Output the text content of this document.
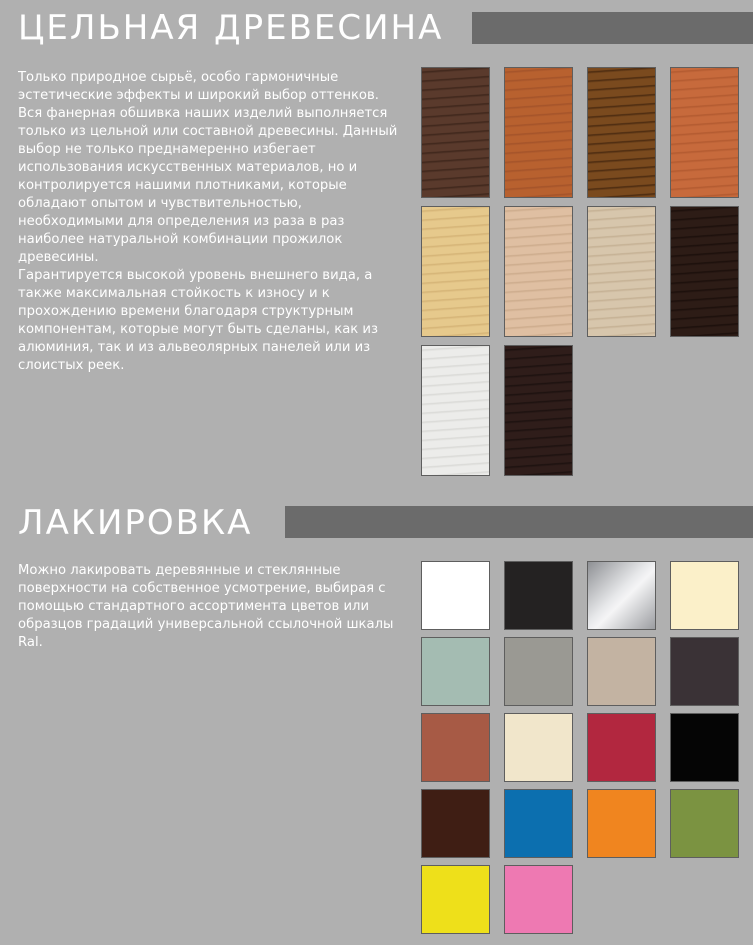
ЦЕЛЬНАЯ ДРЕВЕСИНА
Только природное сырьё, особо гармоничные эстетические эффекты и широкий выбор оттенков.
Вся фанерная обшивка наших изделий выполняется только из цельной или составной древесины. Данный выбор не только преднамеренно избегает использования искусственных материалов, но и контролируется нашими плотниками, которые обладают опытом и чувствительностью, необходимыми для определения из раза в раз наиболее натуральной комбинации прожилок древесины.
Гарантируется высокой уровень внешнего вида, а также максимальная стойкость к износу и к прохождению времени благодаря структурным компонентам, которые могут быть сделаны, как из алюминия, так и из альвеолярных панелей или из слоистых реек.
ЛАКИРОВКА
Можно лакировать деревянные и стеклянные поверхности на собственное усмотрение, выбирая с помощью стандартного ассортимента цветов или образцов градаций универсальной ссылочной шкалы Ral.
